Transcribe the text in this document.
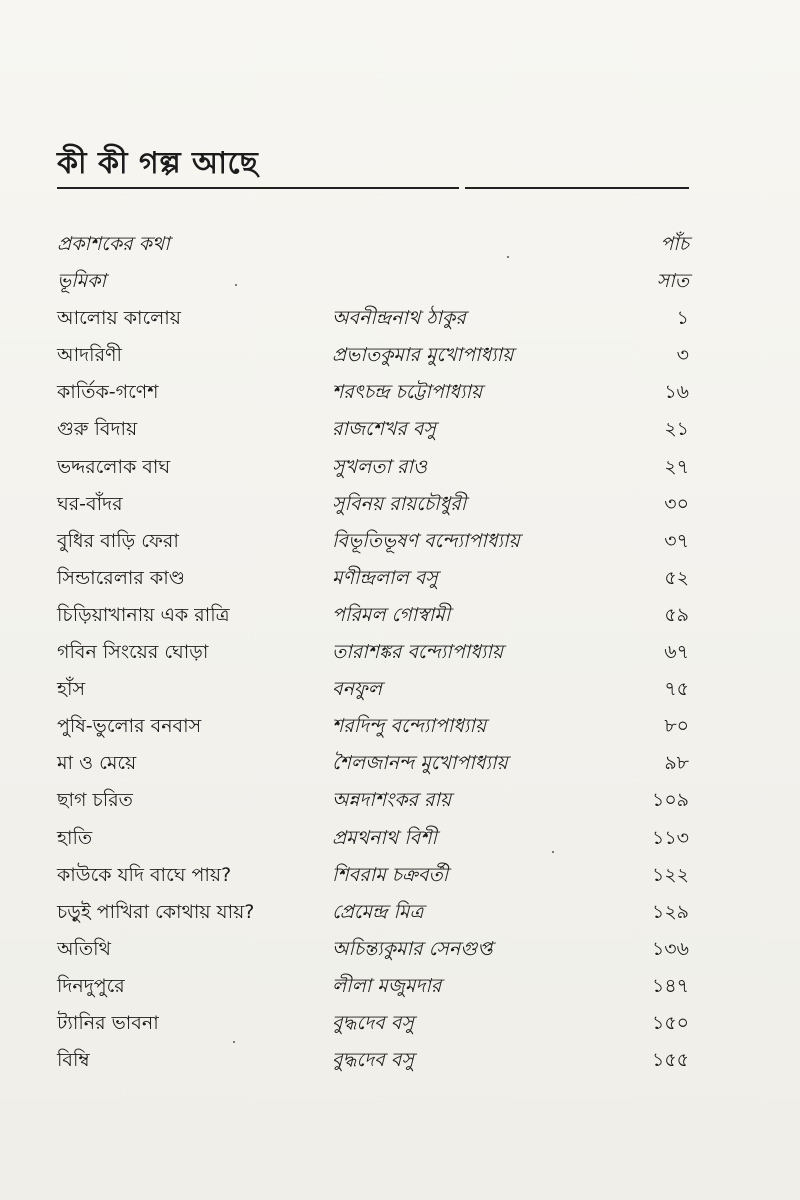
কী কী গল্প আছে
প্রকাশকের কথা	পাঁচ
ভূমিকা	সাত
আলোয় কালোয়	অবনীন্দ্রনাথ ঠাকুর	১
আদরিণী	প্রভাতকুমার মুখোপাধ্যায়	৩
কার্তিক-গণেশ	শরৎচন্দ্র চট্টোপাধ্যায়	১৬
গুরু বিদায়	রাজশেখর বসু	২১
ভদ্দরলোক বাঘ	সুখলতা রাও	২৭
ঘর-বাঁদর	সুবিনয় রায়চৌধুরী	৩০
বুধির বাড়ি ফেরা	বিভূতিভূষণ বন্দ্যোপাধ্যায়	৩৭
সিন্ডারেলার কাণ্ড	মণীন্দ্রলাল বসু	৫২
চিড়িয়াখানায় এক রাত্রি	পরিমল গোস্বামী	৫৯
গবিন সিংয়ের ঘোড়া	তারাশঙ্কর বন্দ্যোপাধ্যায়	৬৭
হাঁস	বনফুল	৭৫
পুষি-ভুলোর বনবাস	শরদিন্দু বন্দ্যোপাধ্যায়	৮০
মা ও মেয়ে	শৈলজানন্দ মুখোপাধ্যায়	৯৮
ছাগ চরিত	অন্নদাশংকর রায়	১০৯
হাতি	প্রমথনাথ বিশী	১১৩
কাউকে যদি বাঘে পায়?	শিবরাম চক্রবর্তী	১২২
চড়ুই পাখিরা কোথায় যায়?	প্রেমেন্দ্র মিত্র	১২৯
অতিথি	অচিন্ত্যকুমার সেনগুপ্ত	১৩৬
দিনদুপুরে	লীলা মজুমদার	১৪৭
ট্যানির ভাবনা	বুদ্ধদেব বসু	১৫০
বিম্বি	বুদ্ধদেব বসু	১৫৫
